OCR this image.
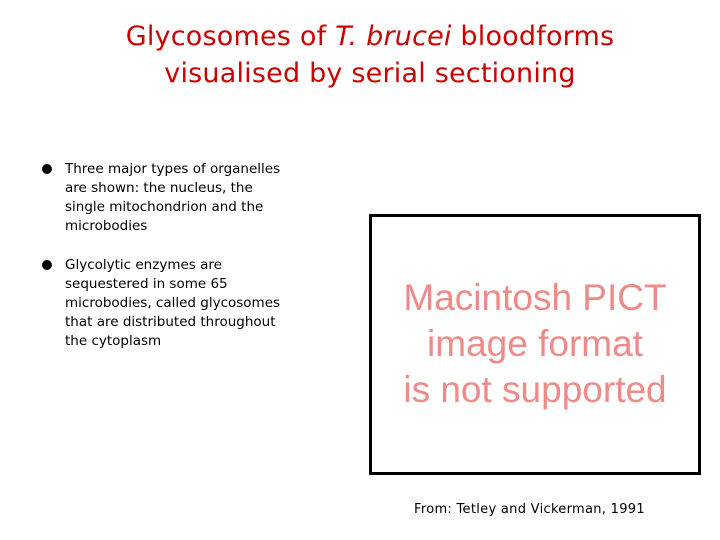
Glycosomes of T. brucei bloodforms
visualised by serial sectioning
Three major types of organelles
are shown: the nucleus, the
single mitochondrion and the
microbodies
Glycolytic enzymes are
sequestered in some 65
microbodies, called glycosomes
that are distributed throughout
the cytoplasm
Macintosh PICT
image format
is not supported
From: Tetley and Vickerman, 1991
